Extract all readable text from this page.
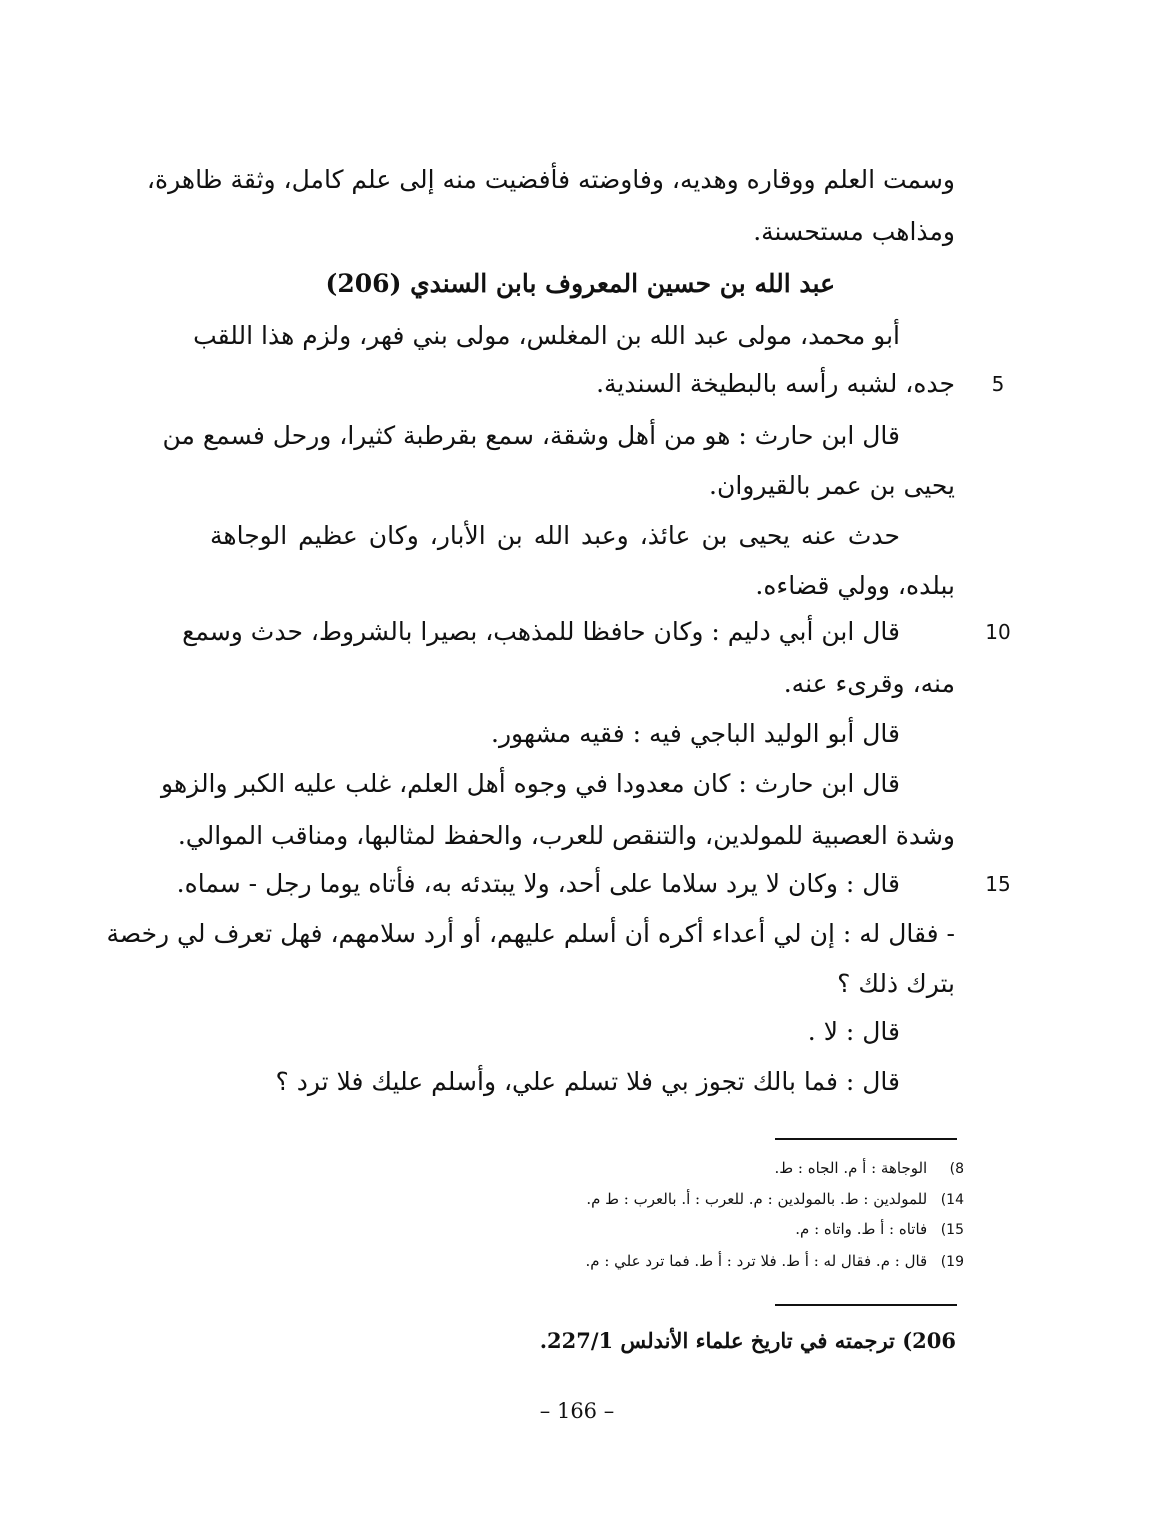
وسمت العلم ووقاره وهديه، وفاوضته فأفضيت منه إلى علم كامل، وثقة ظاهرة،
ومذاهب مستحسنة.
عبد الله بن حسين المعروف بابن السندي (206)
أبو محمد، مولى عبد الله بن المغلس، مولى بني فهر، ولزم هذا اللقب
جده، لشبه رأسه بالبطيخة السندية.	5
قال ابن حارث : هو من أهل وشقة، سمع بقرطبة كثيرا، ورحل فسمع من
يحيى بن عمر بالقيروان.
حدث عنه يحيى بن عائذ، وعبد الله بن الأبار، وكان عظيم الوجاهة
ببلده، وولي قضاءه.
قال ابن أبي دليم : وكان حافظا للمذهب، بصيرا بالشروط، حدث وسمع	10
منه، وقرىء عنه.
قال أبو الوليد الباجي فيه : فقيه مشهور.
قال ابن حارث : كان معدودا في وجوه أهل العلم، غلب عليه الكبر والزهو
وشدة العصبية للمولدين، والتنقص للعرب، والحفظ لمثالبها، ومناقب الموالي.
قال : وكان لا يرد سلاما على أحد، ولا يبتدئه به، فأتاه يوما رجل - سماه.	15
- فقال له : إن لي أعداء أكره أن أسلم عليهم، أو أرد سلامهم، فهل تعرف لي رخصة
بترك ذلك ؟
قال : لا .
قال : فما بالك تجوز بي فلا تسلم علي، وأسلم عليك فلا ترد ؟
8) الوجاهة : أ م. الجاه : ط.
14) للمولدين : ط. بالمولدين : م. للعرب : أ. بالعرب : ط م.
15) فاتاه : أ ط. واتاه : م.
19) قال : م. فقال له : أ ط. فلا ترد : أ ط. فما ترد علي : م.
206) ترجمته في تاريخ علماء الأندلس 227/1.
– 166 –
